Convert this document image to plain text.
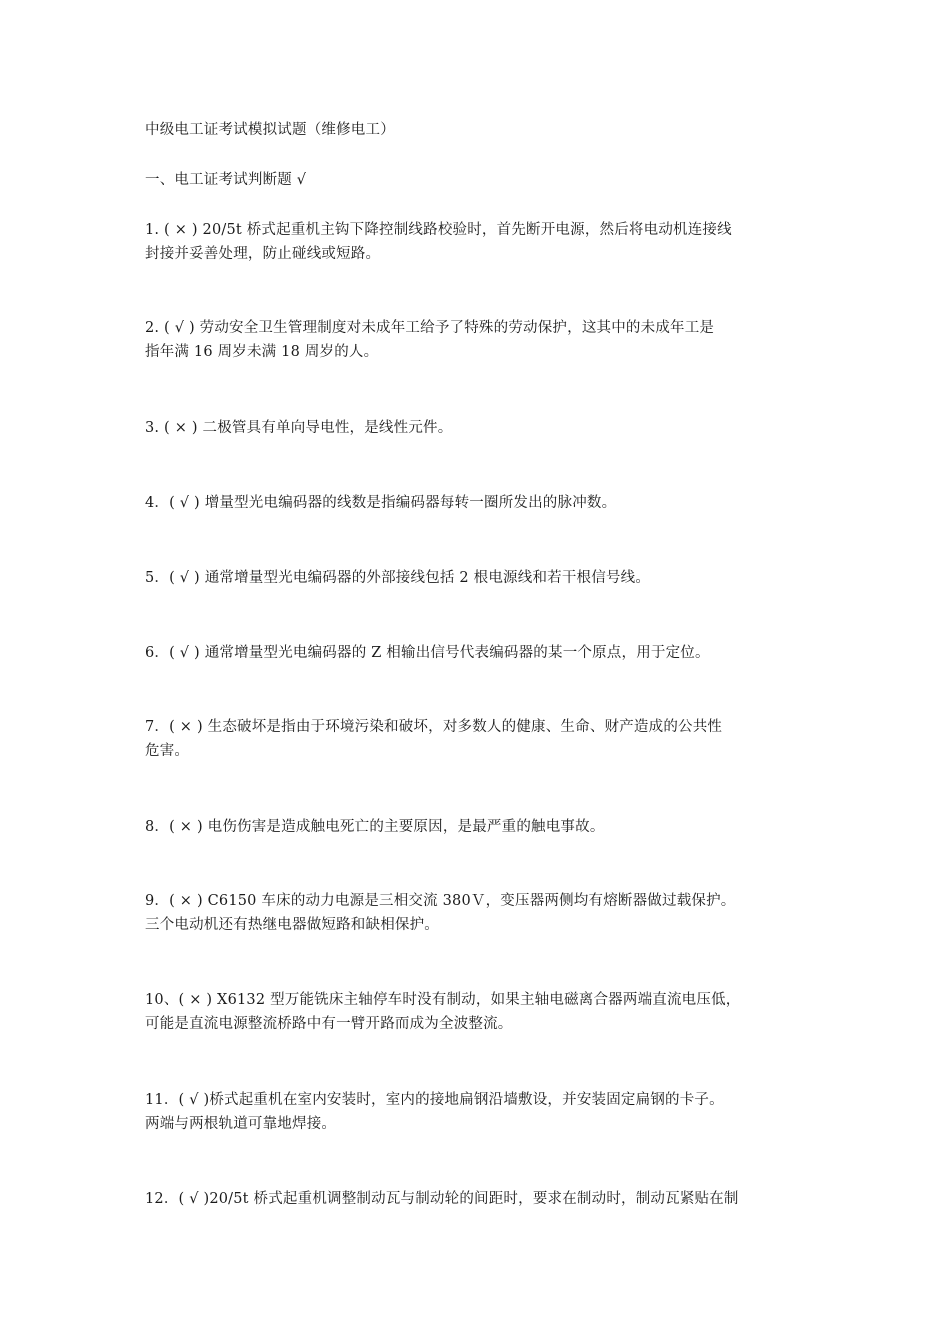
中级电工证考试模拟试题（维修电工）

一、电工证考试判断题 √

1. ( × ) 20/5t 桥式起重机主钩下降控制线路校验时，首先断开电源，然后将电动机连接线
封接并妥善处理，防止碰线或短路。
2. ( √ ) 劳动安全卫生管理制度对未成年工给予了特殊的劳动保护，这其中的未成年工是
指年满 16 周岁未满 18 周岁的人。
3. ( × ) 二极管具有单向导电性，是线性元件。
4．( √ ) 增量型光电编码器的线数是指编码器每转一圈所发出的脉冲数。
5．( √ ) 通常增量型光电编码器的外部接线包括 2 根电源线和若干根信号线。
6．( √ ) 通常增量型光电编码器的 Z 相输出信号代表编码器的某一个原点，用于定位。
7．( × ) 生态破坏是指由于环境污染和破坏，对多数人的健康、生命、财产造成的公共性
危害。
8．( × ) 电伤伤害是造成触电死亡的主要原因，是最严重的触电事故。
9．( × ) C6150 车床的动力电源是三相交流 380Ｖ，变压器两侧均有熔断器做过载保护。
三个电动机还有热继电器做短路和缺相保护。
10、( × ) X6132 型万能铣床主轴停车时没有制动，如果主轴电磁离合器两端直流电压低，
可能是直流电源整流桥路中有一臂开路而成为全波整流。
11．( √ )桥式起重机在室内安装时，室内的接地扁钢沿墙敷设，并安装固定扁钢的卡子。
两端与两根轨道可靠地焊接。
12．( √ )20/5t 桥式起重机调整制动瓦与制动轮的间距时，要求在制动时，制动瓦紧贴在制
